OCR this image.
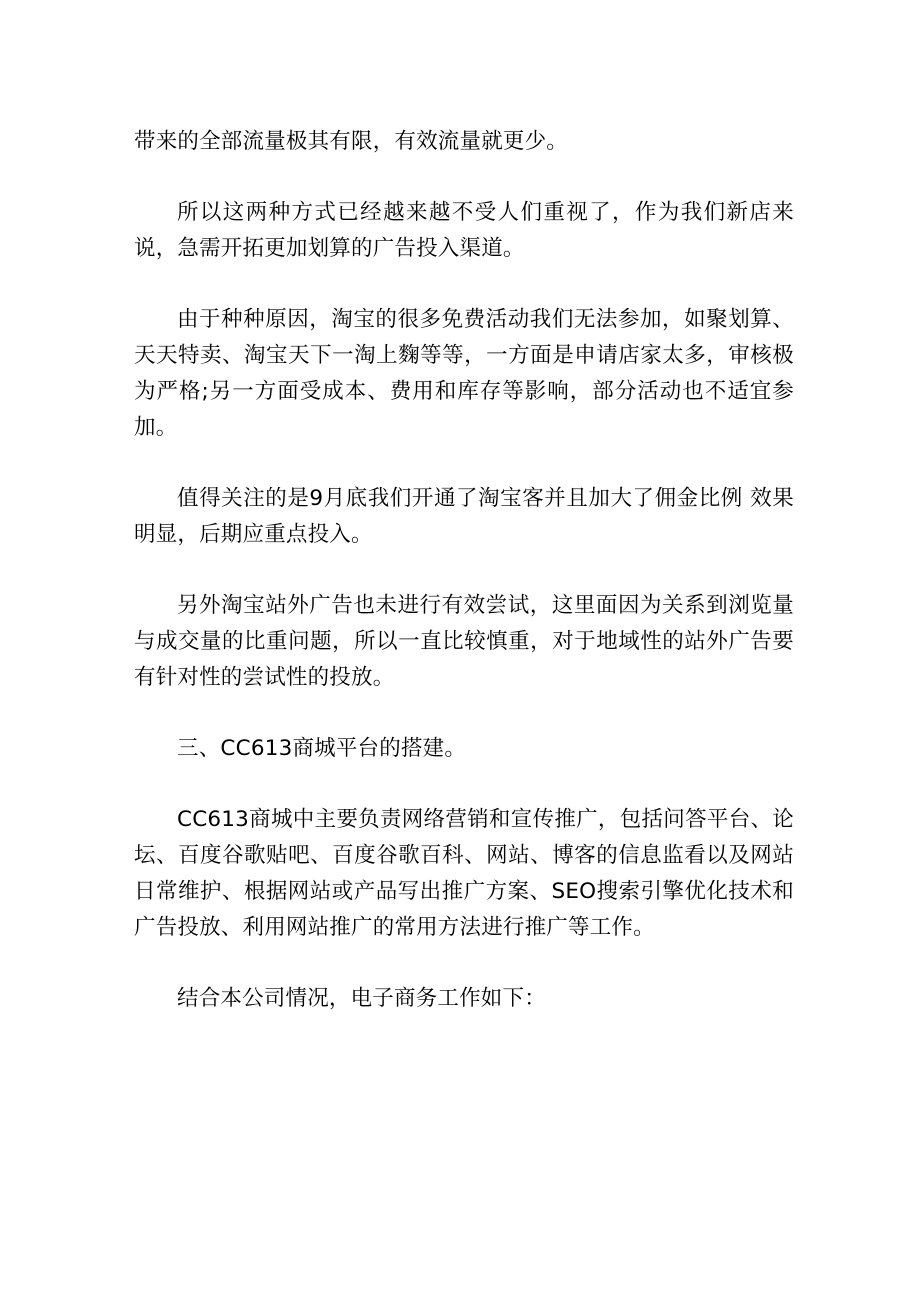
带来的全部流量极其有限，有效流量就更少。

所以这两种方式已经越来越不受人们重视了，作为我们新店来说，急需开拓更加划算的广告投入渠道。

由于种种原因，淘宝的很多免费活动我们无法参加，如聚划算、天天特卖、淘宝天下一淘上麴等等，一方面是申请店家太多，审核极为严格;另一方面受成本、费用和库存等影响，部分活动也不适宜参加。

值得关注的是9月底我们开通了淘宝客并且加大了佣金比例 效果明显，后期应重点投入。

另外淘宝站外广告也未进行有效尝试，这里面因为关系到浏览量与成交量的比重问题，所以一直比较慎重，对于地域性的站外广告要有针对性的尝试性的投放。

三、CC613商城平台的搭建。

CC613商城中主要负责网络营销和宣传推广，包括问答平台、论坛、百度谷歌贴吧、百度谷歌百科、网站、博客的信息监看以及网站日常维护、根据网站或产品写出推广方案、SEO搜索引擎优化技术和广告投放、利用网站推广的常用方法进行推广等工作。

结合本公司情况，电子商务工作如下：
